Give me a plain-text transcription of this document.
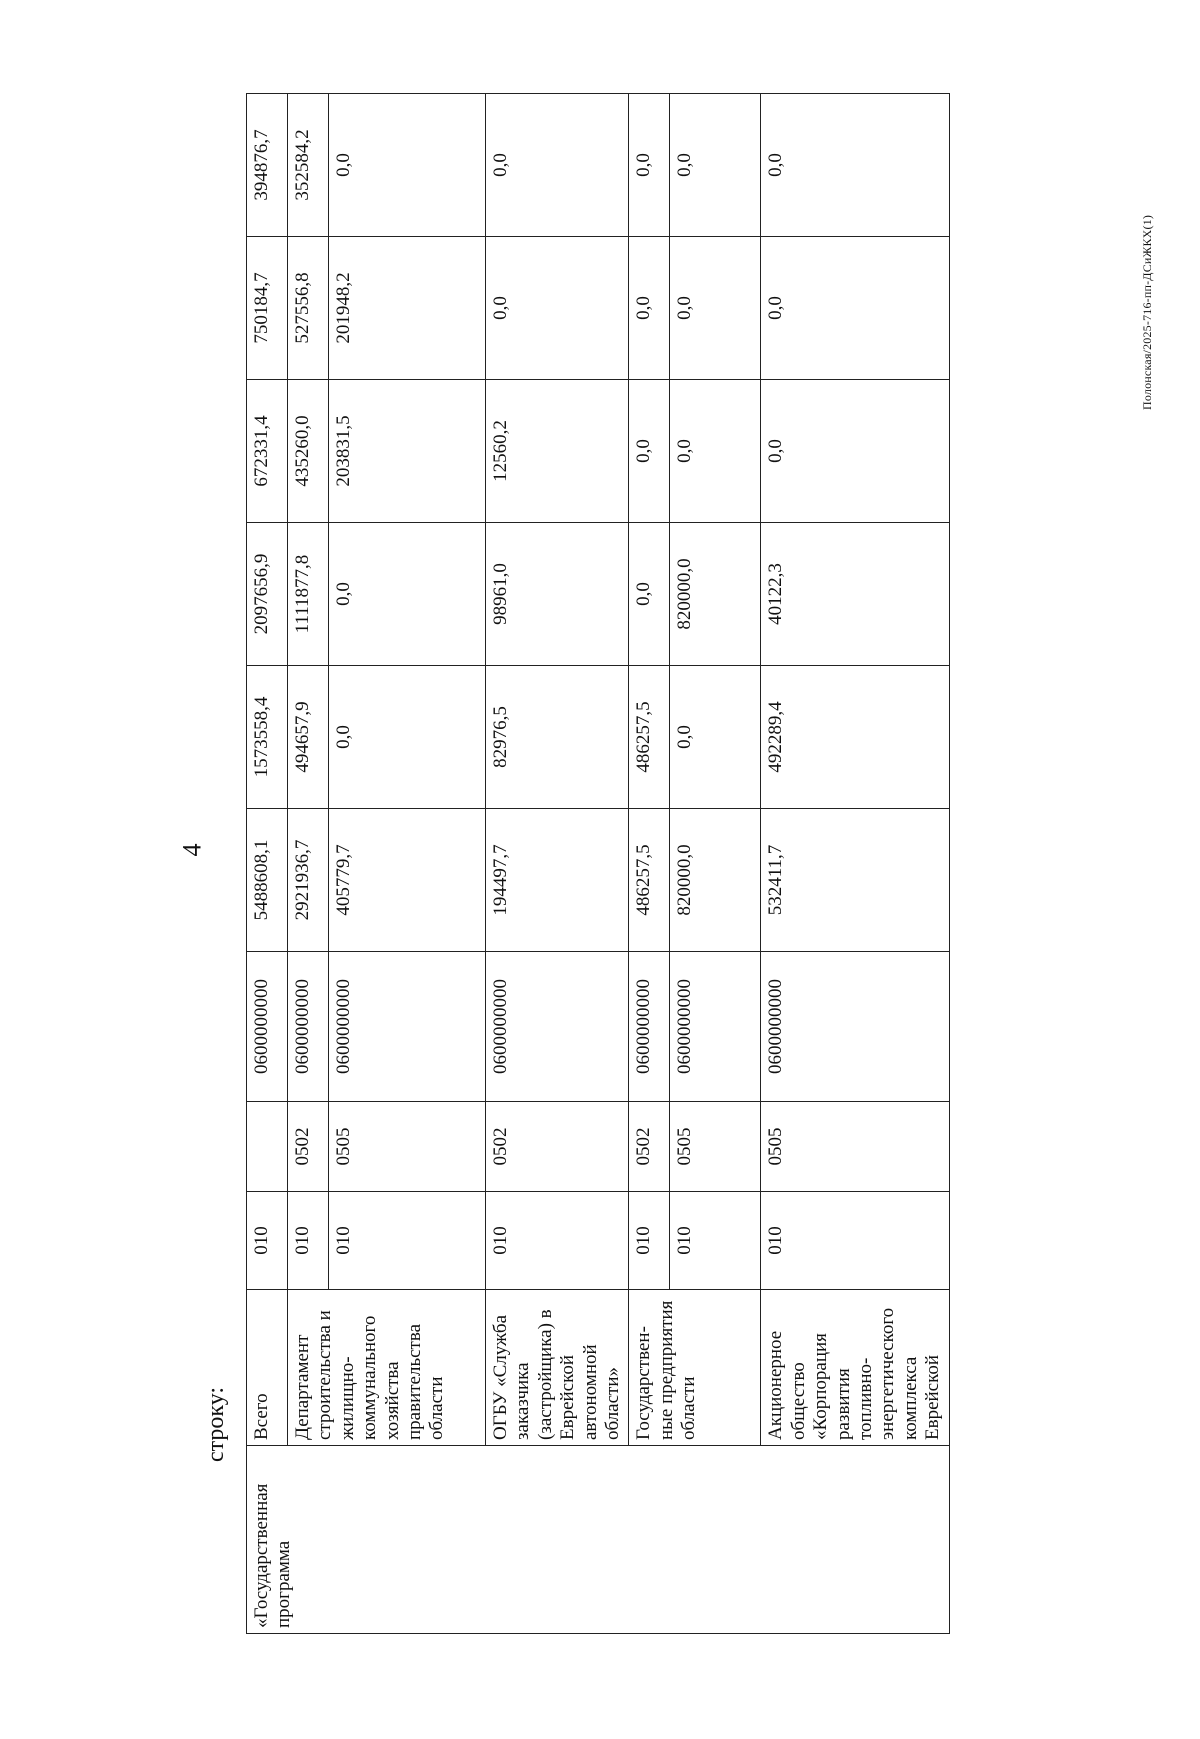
4
строку:
Полонская/2025-716-пп-ДСиЖКХ(1)
«Государственная программа	Всего	010		0600000000	5488608,1	1573558,4	2097656,9	672331,4	750184,7	394876,7
	Департамент строительства и жилищно-коммунального хозяйства правительства области	010	0502	0600000000	2921936,7	494657,9	1111877,8	435260,0	527556,8	352584,2
		010	0505	0600000000	405779,7	0,0	0,0	203831,5	201948,2	0,0
	ОГБУ «Служба заказчика (застройщика) в Еврейской автономной области»	010	0502	0600000000	194497,7	82976,5	98961,0	12560,2	0,0	0,0
	Государствен-ные предприятия области	010	0502	0600000000	486257,5	486257,5	0,0	0,0	0,0	0,0
		010	0505	0600000000	820000,0	0,0	820000,0	0,0	0,0	0,0
	Акционерное общество «Корпорация развития топливно-энергетического комплекса Еврейской	010	0505	0600000000	532411,7	492289,4	40122,3	0,0	0,0	0,0
